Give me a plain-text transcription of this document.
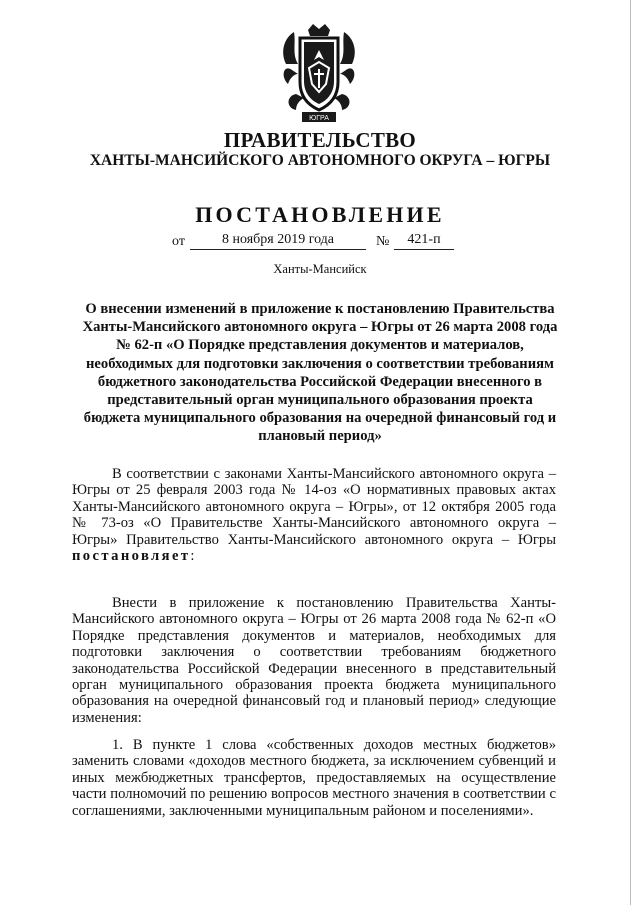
ЮГРА
ПРАВИТЕЛЬСТВО
ХАНТЫ-МАНСИЙСКОГО АВТОНОМНОГО ОКРУГА – ЮГРЫ
ПОСТАНОВЛЕНИЕ
от	8 ноября 2019 года	№	421-п
Ханты-Мансийск
О внесении изменений в приложение к постановлению Правительства Ханты-Мансийского автономного округа – Югры от 26 марта 2008 года № 62-п «О Порядке представления документов и материалов, необходимых для подготовки заключения о соответствии требованиям бюджетного законодательства Российской Федерации внесенного в представительный орган муниципального образования проекта бюджета муниципального образования на очередной финансовый год и плановый период»
В соответствии с законами Ханты-Мансийского автономного округа – Югры от 25 февраля 2003 года № 14-оз «О нормативных правовых актах Ханты-Мансийского автономного округа – Югры», от 12 октября 2005 года № 73-оз «О Правительстве Ханты-Мансийского автономного округа – Югры» Правительство Ханты-Мансийского автономного округа – Югры постановляет:
Внести в приложение к постановлению Правительства Ханты-Мансийского автономного округа – Югры от 26 марта 2008 года № 62-п «О Порядке представления документов и материалов, необходимых для подготовки заключения о соответствии требованиям бюджетного законодательства Российской Федерации внесенного в представительный орган муниципального образования проекта бюджета муниципального образования на очередной финансовый год и плановый период» следующие изменения:
1. В пункте 1 слова «собственных доходов местных бюджетов» заменить словами «доходов местного бюджета, за исключением субвенций и иных межбюджетных трансфертов, предоставляемых на осуществление части полномочий по решению вопросов местного значения в соответствии с соглашениями, заключенными муниципальным районом и поселениями».
